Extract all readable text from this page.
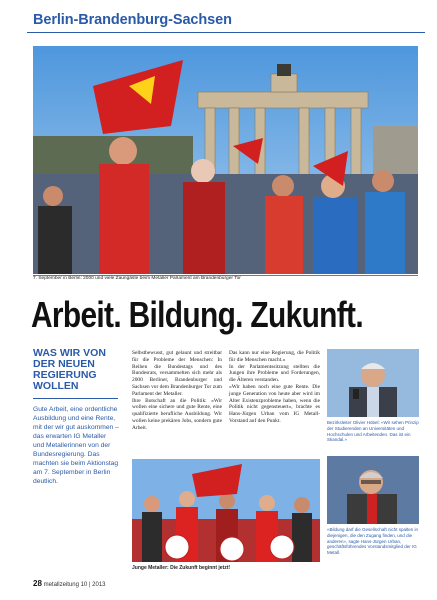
Berlin-Brandenburg-Sachsen
7. September in Berlin: 2000 und viele Zaungäste beim Metaller Parlament am Brandenburger Tor
Arbeit. Bildung. Zukunft.
WAS WIR VON DER NEUEN REGIERUNG WOLLEN
Gute Arbeit, eine ordentliche Ausbildung und eine Rente, mit der wir gut auskommen – das erwarten IG Metaller und Metallerinnen von der Bundesregierung. Das machten sie beim Aktionstag am 7. September in Berlin deutlich.

Selbstbewusst, gut gelaunt und streitbar für die Probleme der Menschen: In Reihen die Bundestags und des Bundesrats, versammelten sich mehr als 2000 Berliner, Brandenburger und Sachsen vor dem Brandenburger Tor zum Parlament der Metaller.

Ihre Botschaft an die Politik: «Wir wollen eine sichere und gute Rente, eine qualifizierte berufliche Ausbildung. Wir wollen keine prekären Jobs, sondern gute Arbeit.

Das kann nur eine Regierung, die Politik für die Menschen macht.»

In der Parlamentssitzung stellten die Jungen ihre Probleme und Forderungen, die Älteren verstanden.

«Wir haben noch eine gute Rente. Die junge Generation von heute aber wird im Alter Existenzprobleme haben, wenn die Politik nicht gegensteuert», brachte es Hans-Jürgen Urban vom IG Metall-Vorstand auf den Punkt.	Bezirksleiter Olivier Höbel: «Wir sehen Prinzip der Studierenden an Universitäten und Hochschulen und Arbeitenden. Das ist ein Skandal.»
Junge Metaller: Die Zukunft beginnt jetzt!
«Bildung darf die Gesellschaft nicht spalten in diejenigen, die den Zugang finden, und die anderen», sagte Hans-Jürgen Urban, geschäftsführendes Vorstandsmitglied der IG Metall.
28 metallzeitung 10 | 2013
